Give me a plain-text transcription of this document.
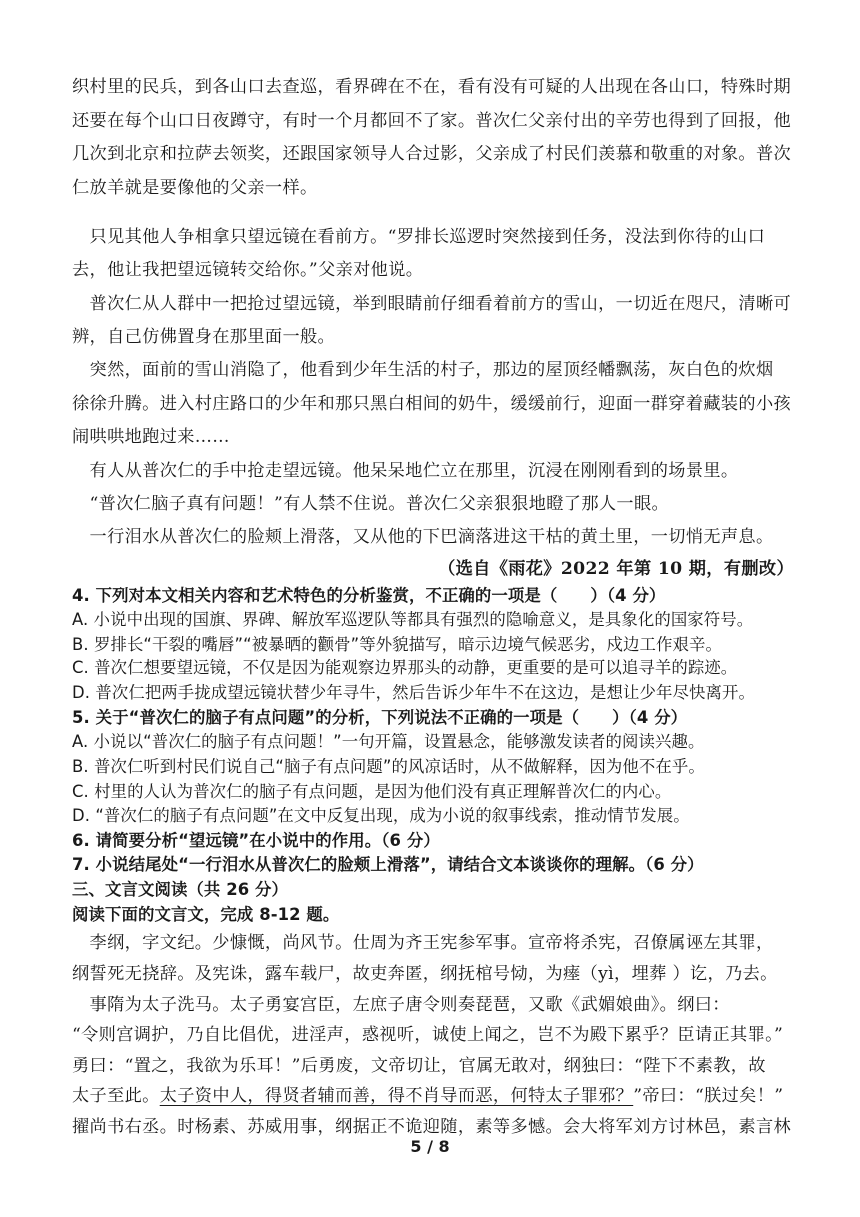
织村里的民兵，到各山口去查巡，看界碑在不在，看有没有可疑的人出现在各山口，特殊时期
还要在每个山口日夜蹲守，有时一个月都回不了家。普次仁父亲付出的辛劳也得到了回报，他
几次到北京和拉萨去领奖，还跟国家领导人合过影，父亲成了村民们羡慕和敬重的对象。普次
仁放羊就是要像他的父亲一样。
　只见其他人争相拿只望远镜在看前方。“罗排长巡逻时突然接到任务，没法到你待的山口
去，他让我把望远镜转交给你。”父亲对他说。
　普次仁从人群中一把抢过望远镜，举到眼睛前仔细看着前方的雪山，一切近在咫尺，清晰可
辨，自己仿佛置身在那里面一般。
　突然，面前的雪山消隐了，他看到少年生活的村子，那边的屋顶经幡飘荡，灰白色的炊烟
徐徐升腾。进入村庄路口的少年和那只黑白相间的奶牛，缓缓前行，迎面一群穿着藏装的小孩
闹哄哄地跑过来……
　有人从普次仁的手中抢走望远镜。他呆呆地伫立在那里，沉浸在刚刚看到的场景里。
　“普次仁脑子真有问题！”有人禁不住说。普次仁父亲狠狠地瞪了那人一眼。
　一行泪水从普次仁的脸颊上滑落，又从他的下巴滴落进这干枯的黄土里，一切悄无声息。
（选自《雨花》2022 年第 10 期，有删改）
4. 下列对本文相关内容和艺术特色的分析鉴赏，不正确的一项是（　　）（4 分）
A. 小说中出现的国旗、界碑、解放军巡逻队等都具有强烈的隐喻意义，是具象化的国家符号。
B. 罗排长“干裂的嘴唇”“被暴晒的颧骨”等外貌描写，暗示边境气候恶劣，戍边工作艰辛。
C. 普次仁想要望远镜，不仅是因为能观察边界那头的动静，更重要的是可以追寻羊的踪迹。
D. 普次仁把两手拢成望远镜状替少年寻牛，然后告诉少年牛不在这边，是想让少年尽快离开。
5. 关于“普次仁的脑子有点问题”的分析，下列说法不正确的一项是（　　）（4 分）
A. 小说以“普次仁的脑子有点问题！”一句开篇，设置悬念，能够激发读者的阅读兴趣。
B. 普次仁听到村民们说自己“脑子有点问题”的风凉话时，从不做解释，因为他不在乎。
C. 村里的人认为普次仁的脑子有点问题，是因为他们没有真正理解普次仁的内心。
D. “普次仁的脑子有点问题”在文中反复出现，成为小说的叙事线索，推动情节发展。
6. 请简要分析“望远镜”在小说中的作用。（6 分）
7. 小说结尾处“一行泪水从普次仁的脸颊上滑落”，请结合文本谈谈你的理解。（6 分）
三、文言文阅读（共 26 分）
阅读下面的文言文，完成 8-12 题。
　李纲，字文纪。少慷慨，尚风节。仕周为齐王宪参军事。宣帝将杀宪，召僚属诬左其罪，
纲誓死无挠辞。及宪诛，露车载尸，故吏奔匿，纲抚棺号恸，为瘗（yì，埋葬 ）讫，乃去。
　事隋为太子洗马。太子勇宴宫臣，左庶子唐令则奏琵琶，又歌《武媚娘曲》。纲曰：
“令则宫调护，乃自比倡优，进淫声，惑视听，诚使上闻之，岂不为殿下累乎？臣请正其罪。”
勇曰：“置之，我欲为乐耳！”后勇废，文帝切让，官属无敢对，纲独曰：“陛下不素教，故
太子至此。太子资中人，得贤者辅而善，得不肖导而恶，何特太子罪邪？”帝曰：“朕过矣！”
擢尚书右丞。时杨素、苏威用事，纲据正不诡迎随，素等多憾。会大将军刘方讨林邑，素言林
5 / 8
